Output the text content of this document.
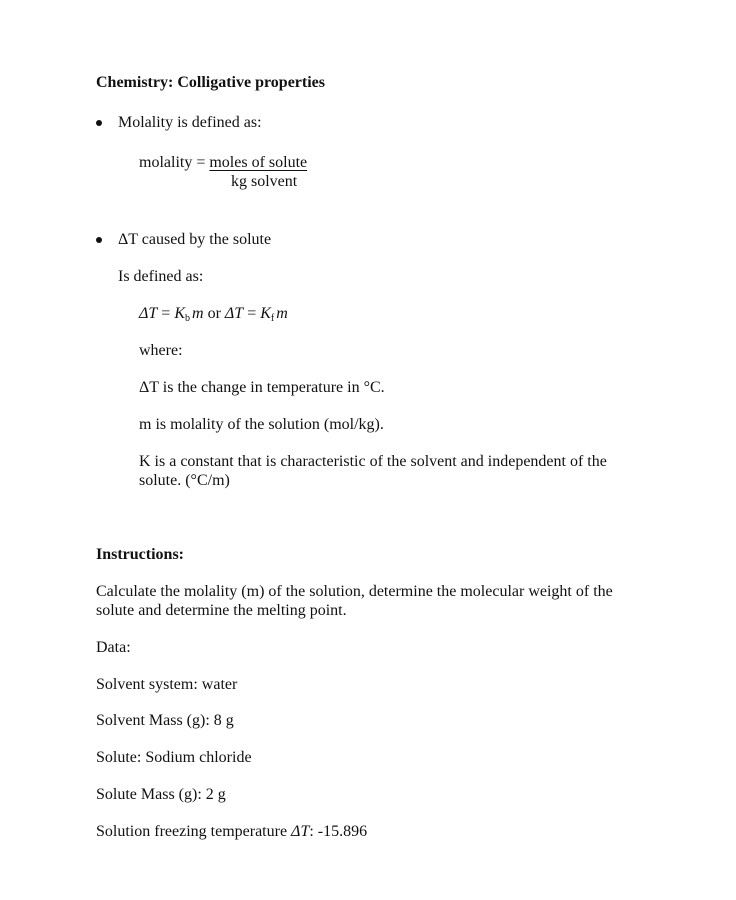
Chemistry: Colligative properties
Molality is defined as:
molality = moles of solute
kg solvent
ΔT caused by the solute
Is defined as:
ΔT = Kb m or ΔT = Kf m
where:
ΔT is the change in temperature in °C.
m is molality of the solution (mol/kg).
K is a constant that is characteristic of the solvent and independent of the solute. (°C/m)
Instructions:
Calculate the molality (m) of the solution, determine the molecular weight of the solute and determine the melting point.
Data:
Solvent system: water
Solvent Mass (g): 8 g
Solute: Sodium chloride
Solute Mass (g): 2 g
Solution freezing temperature ΔT: -15.896
